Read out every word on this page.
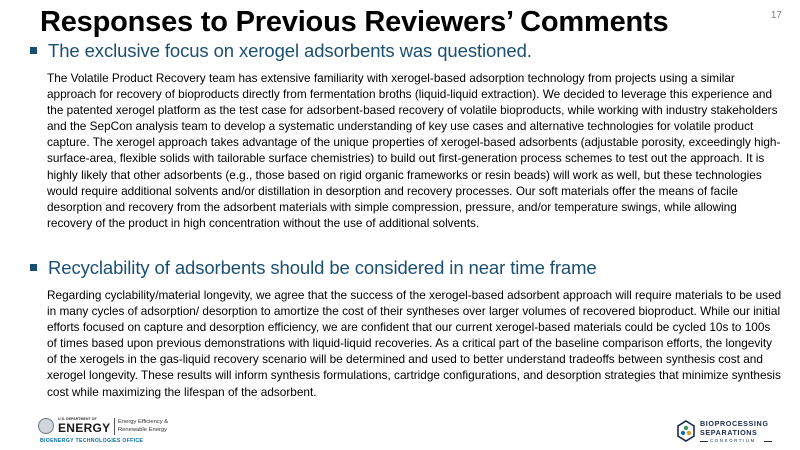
Responses to Previous Reviewers’ Comments	17
The exclusive focus on xerogel adsorbents was questioned.

The Volatile Product Recovery team has extensive familiarity with xerogel-based adsorption technology from projects using a similar approach for recovery of bioproducts directly from fermentation broths (liquid-liquid extraction). We decided to leverage this experience and the patented xerogel platform as the test case for adsorbent-based recovery of volatile bioproducts, while working with industry stakeholders and the SepCon analysis team to develop a systematic understanding of key use cases and alternative technologies for volatile product capture. The xerogel approach takes advantage of the unique properties of xerogel-based adsorbents (adjustable porosity, exceedingly high-surface-area, flexible solids with tailorable surface chemistries) to build out first-generation process schemes to test out the approach. It is highly likely that other adsorbents (e.g., those based on rigid organic frameworks or resin beads) will work as well, but these technologies would require additional solvents and/or distillation in desorption and recovery processes. Our soft materials offer the means of facile desorption and recovery from the adsorbent materials with simple compression, pressure, and/or temperature swings, while allowing recovery of the product in high concentration without the use of additional solvents.

Recyclability of adsorbents should be considered in near time frame

Regarding cyclability/material longevity, we agree that the success of the xerogel-based adsorbent approach will require materials to be used in many cycles of adsorption/ desorption to amortize the cost of their syntheses over larger volumes of recovered bioproduct. While our initial efforts focused on capture and desorption efficiency, we are confident that our current xerogel-based materials could be cycled 10s to 100s of times based upon previous demonstrations with liquid-liquid recoveries. As a critical part of the baseline comparison efforts, the longevity of the xerogels in the gas-liquid recovery scenario will be determined and used to better understand tradeoffs between synthesis cost and xerogel longevity. These results will inform synthesis formulations, cartridge configurations, and desorption strategies that minimize synthesis cost while maximizing the lifespan of the adsorbent.

U.S. DEPARTMENT OF
ENERGY Energy Efficiency &
Renewable Energy
BIOENERGY TECHNOLOGIES OFFICE
BIOPROCESSING
SEPARATIONS
CONSORTIUM
